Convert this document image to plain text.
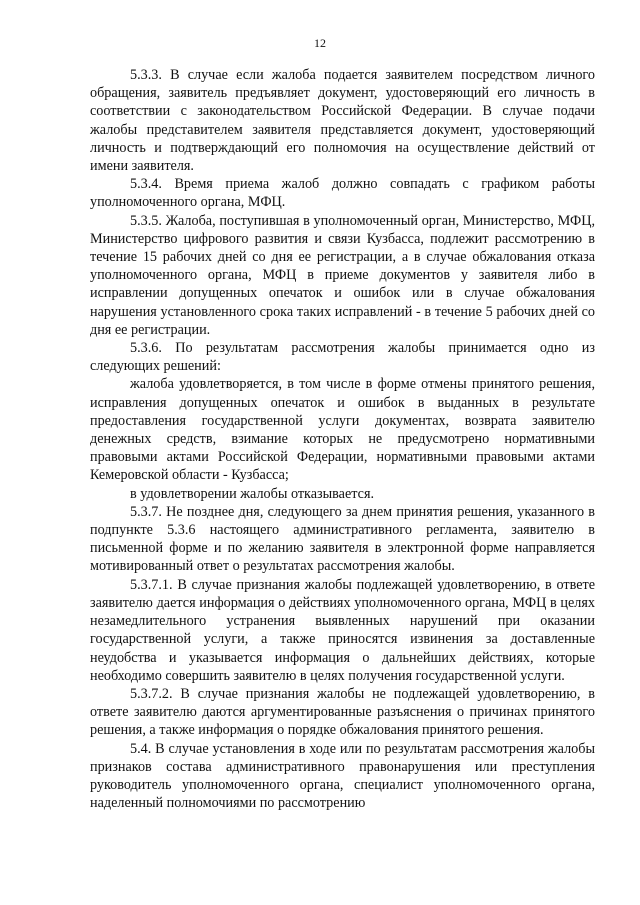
12

5.3.3. В случае если жалоба подается заявителем посредством личного обращения, заявитель предъявляет документ, удостоверяющий его личность в соответствии с законодательством Российской Федерации. В случае подачи жалобы представителем заявителя представляется документ, удостоверяющий личность и подтверждающий его полномочия на осуществление действий от имени заявителя.

5.3.4. Время приема жалоб должно совпадать с графиком работы уполномоченного органа, МФЦ.

5.3.5. Жалоба, поступившая в уполномоченный орган, Министерство, МФЦ, Министерство цифрового развития и связи Кузбасса, подлежит рассмотрению в течение 15 рабочих дней со дня ее регистрации, а в случае обжалования отказа уполномоченного органа, МФЦ в приеме документов у заявителя либо в исправлении допущенных опечаток и ошибок или в случае обжалования нарушения установленного срока таких исправлений - в течение 5 рабочих дней со дня ее регистрации.

5.3.6. По результатам рассмотрения жалобы принимается одно из следующих решений:

жалоба удовлетворяется, в том числе в форме отмены принятого решения, исправления допущенных опечаток и ошибок в выданных в результате предоставления государственной услуги документах, возврата заявителю денежных средств, взимание которых не предусмотрено нормативными правовыми актами Российской Федерации, нормативными правовыми актами Кемеровской области - Кузбасса;

в удовлетворении жалобы отказывается.

5.3.7. Не позднее дня, следующего за днем принятия решения, указанного в подпункте 5.3.6 настоящего административного регламента, заявителю в письменной форме и по желанию заявителя в электронной форме направляется мотивированный ответ о результатах рассмотрения жалобы.

5.3.7.1. В случае признания жалобы подлежащей удовлетворению, в ответе заявителю дается информация о действиях уполномоченного органа, МФЦ в целях незамедлительного устранения выявленных нарушений при оказании государственной услуги, а также приносятся извинения за доставленные неудобства и указывается информация о дальнейших действиях, которые необходимо совершить заявителю в целях получения государственной услуги.

5.3.7.2. В случае признания жалобы не подлежащей удовлетворению, в ответе заявителю даются аргументированные разъяснения о причинах принятого решения, а также информация о порядке обжалования принятого решения.

5.4. В случае установления в ходе или по результатам рассмотрения жалобы признаков состава административного правонарушения или преступления руководитель уполномоченного органа, специалист уполномоченного органа, наделенный полномочиями по рассмотрению
